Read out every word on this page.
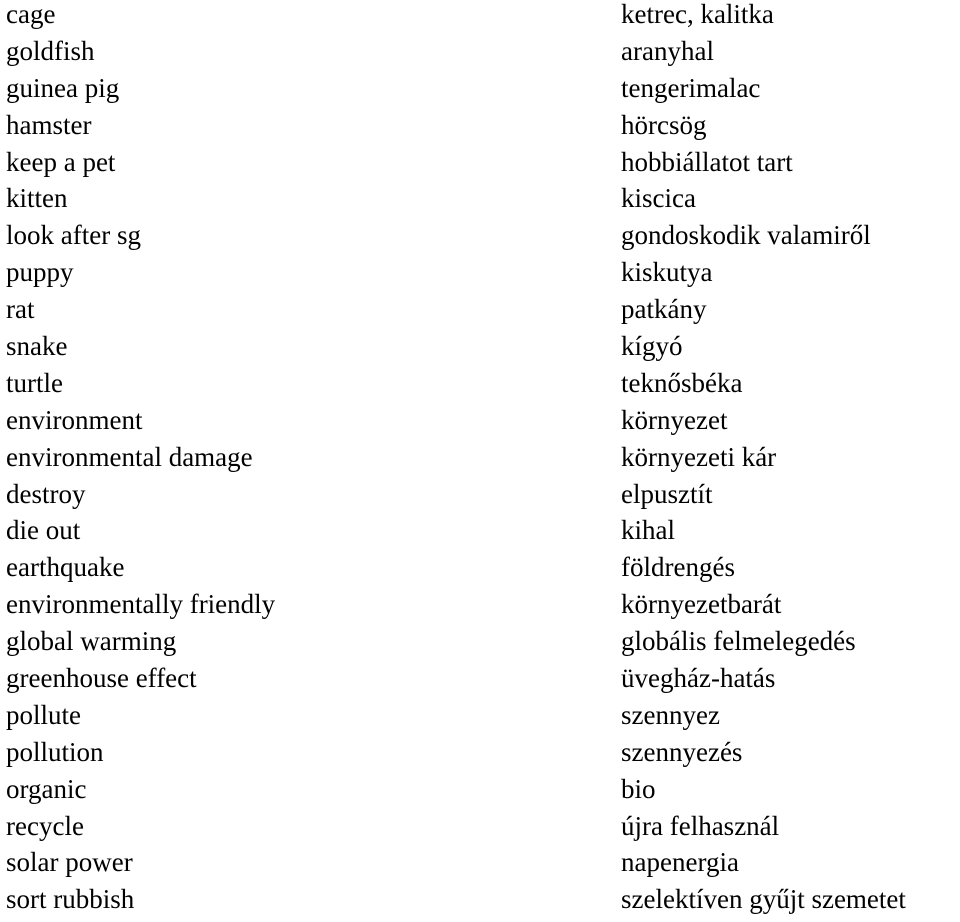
cage	ketrec, kalitka
goldfish	aranyhal
guinea pig	tengerimalac
hamster	hörcsög
keep a pet	hobbiállatot tart
kitten	kiscica
look after sg	gondoskodik valamiről
puppy	kiskutya
rat	patkány
snake	kígyó
turtle	teknősbéka
environment	környezet
environmental damage	környezeti kár
destroy	elpusztít
die out	kihal
earthquake	földrengés
environmentally friendly	környezetbarát
global warming	globális felmelegedés
greenhouse effect	üvegház-hatás
pollute	szennyez
pollution	szennyezés
organic	bio
recycle	újra felhasznál
solar power	napenergia
sort rubbish	szelektíven gyűjt szemetet
